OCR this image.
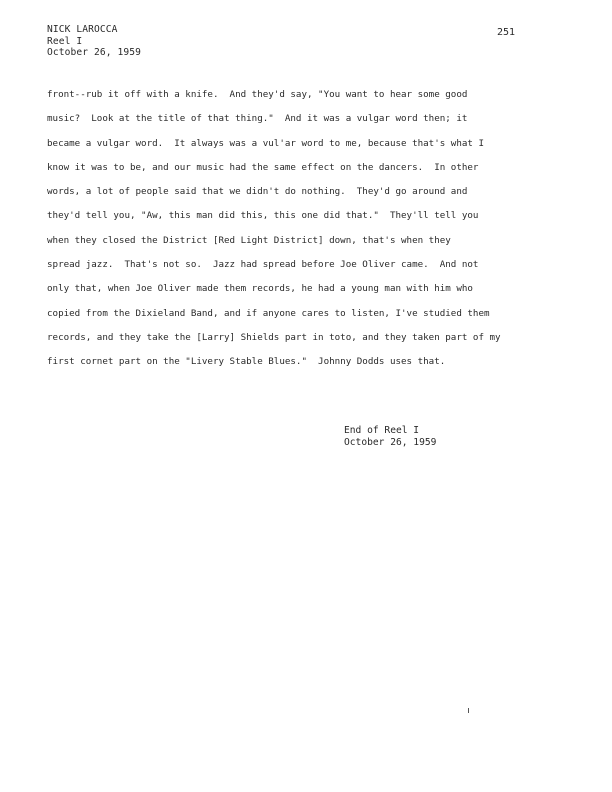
NICK LAROCCA
Reel I
October 26, 1959
251
front--rub it off with a knife.  And they'd say, "You want to hear some good
music?  Look at the title of that thing."  And it was a vulgar word then; it
became a vulgar word.  It always was a vul'ar word to me, because that's what I
know it was to be, and our music had the same effect on the dancers.  In other
words, a lot of people said that we didn't do nothing.  They'd go around and
they'd tell you, "Aw, this man did this, this one did that."  They'll tell you
when they closed the District [Red Light District] down, that's when they
spread jazz.  That's not so.  Jazz had spread before Joe Oliver came.  And not
only that, when Joe Oliver made them records, he had a young man with him who
copied from the Dixieland Band, and if anyone cares to listen, I've studied them
records, and they take the [Larry] Shields part in toto, and they taken part of my
first cornet part on the "Livery Stable Blues."  Johnny Dodds uses that.
End of Reel I
October 26, 1959
